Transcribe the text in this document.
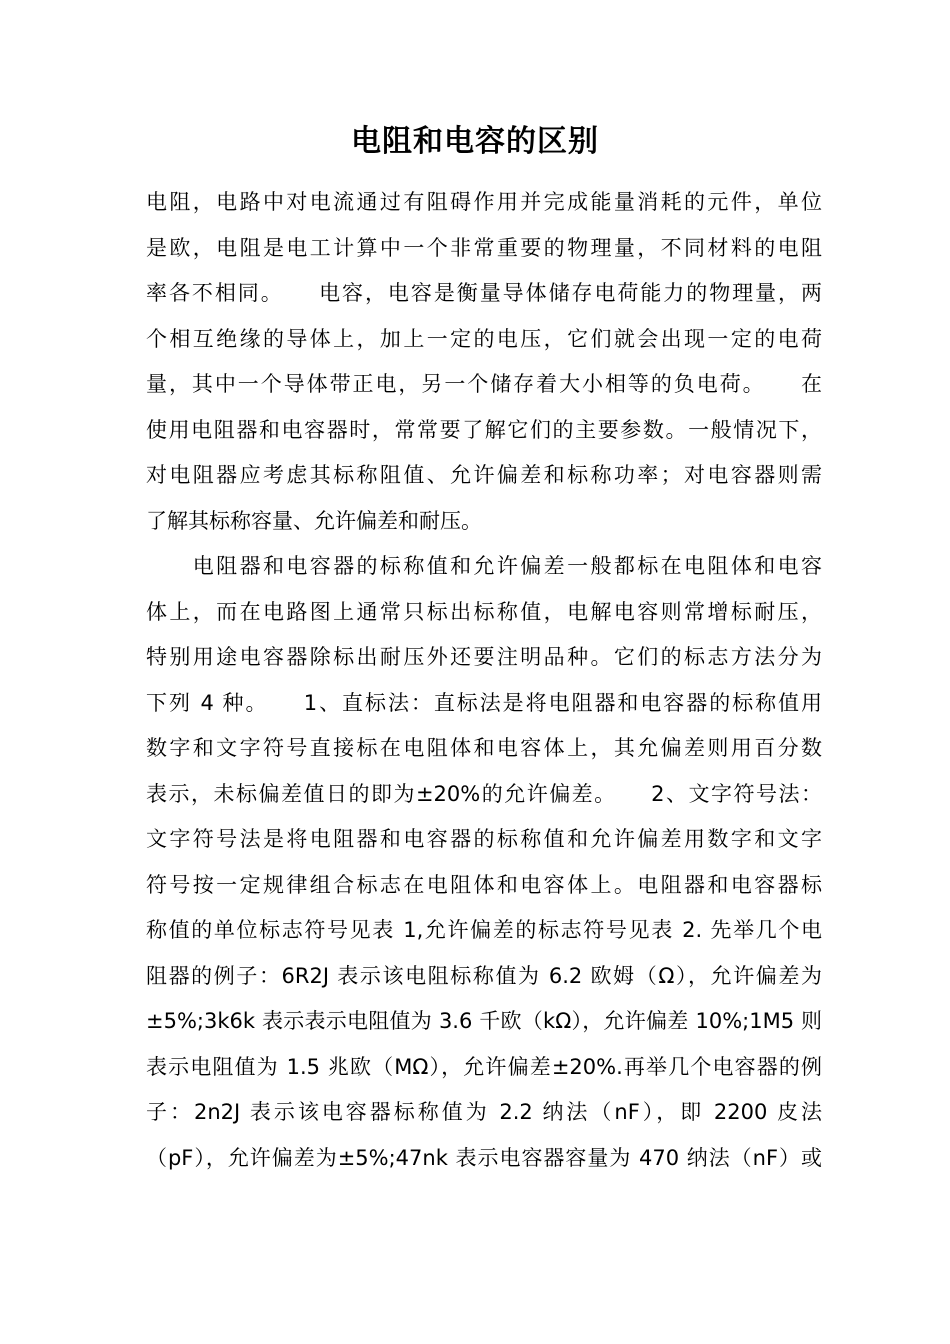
电阻和电容的区别
电阻，电路中对电流通过有阻碍作用并完成能量消耗的元件，单位
是欧，电阻是电工计算中一个非常重要的物理量，不同材料的电阻
率各不相同。　　电容，电容是衡量导体储存电荷能力的物理量，两
个相互绝缘的导体上，加上一定的电压，它们就会出现一定的电荷
量，其中一个导体带正电，另一个储存着大小相等的负电荷。　　在
使用电阻器和电容器时，常常要了解它们的主要参数。一般情况下，
对电阻器应考虑其标称阻值、允许偏差和标称功率；对电容器则需
了解其标称容量、允许偏差和耐压。
　　电阻器和电容器的标称值和允许偏差一般都标在电阻体和电容
体上，而在电路图上通常只标出标称值，电解电容则常增标耐压，
特别用途电容器除标出耐压外还要注明品种。它们的标志方法分为
下列 4 种。　　1、直标法：直标法是将电阻器和电容器的标称值用
数字和文字符号直接标在电阻体和电容体上，其允偏差则用百分数
表示，未标偏差值日的即为±20%的允许偏差。　　2、文字符号法：
文字符号法是将电阻器和电容器的标称值和允许偏差用数字和文字
符号按一定规律组合标志在电阻体和电容体上。电阻器和电容器标
称值的单位标志符号见表 1,允许偏差的标志符号见表 2. 先举几个电
阻器的例子：6R2J 表示该电阻标称值为 6.2 欧姆（Ω），允许偏差为
±5%;3k6k 表示表示电阻值为 3.6 千欧（kΩ），允许偏差 10%;1M5 则
表示电阻值为 1.5 兆欧（MΩ），允许偏差±20%.再举几个电容器的例
子：2n2J 表示该电容器标称值为 2.2 纳法（nF），即 2200 皮法
（pF），允许偏差为±5%;47nk 表示电容器容量为 470 纳法（nF）或
